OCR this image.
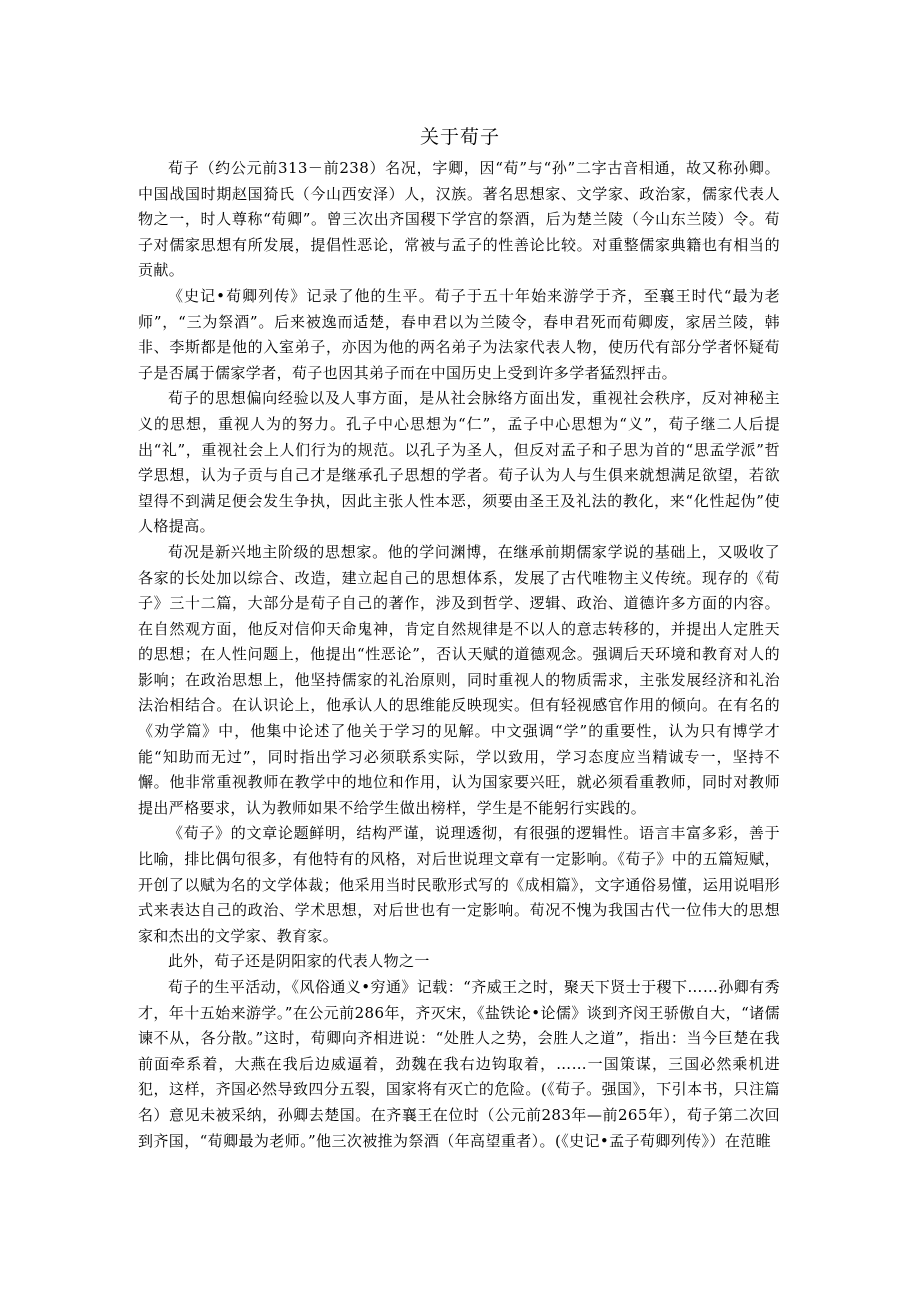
关于荀子

荀子（约公元前313－前238）名况，字卿，因“荀”与“孙”二字古音相通，故又称孙卿。中国战国时期赵国猗氏（今山西安泽）人，汉族。著名思想家、文学家、政治家，儒家代表人物之一，时人尊称“荀卿”。曾三次出齐国稷下学宫的祭酒，后为楚兰陵（今山东兰陵）令。荀子对儒家思想有所发展，提倡性恶论，常被与孟子的性善论比较。对重整儒家典籍也有相当的贡献。

《史记•荀卿列传》记录了他的生平。荀子于五十年始来游学于齐，至襄王时代“最为老师”，“三为祭酒”。后来被逸而适楚，春申君以为兰陵令，春申君死而荀卿废，家居兰陵，韩非、李斯都是他的入室弟子，亦因为他的两名弟子为法家代表人物，使历代有部分学者怀疑荀子是否属于儒家学者，荀子也因其弟子而在中国历史上受到许多学者猛烈抨击。

荀子的思想偏向经验以及人事方面，是从社会脉络方面出发，重视社会秩序，反对神秘主义的思想，重视人为的努力。孔子中心思想为“仁”，孟子中心思想为“义”，荀子继二人后提出“礼”，重视社会上人们行为的规范。以孔子为圣人，但反对孟子和子思为首的“思孟学派”哲学思想，认为子贡与自己才是继承孔子思想的学者。荀子认为人与生俱来就想满足欲望，若欲望得不到满足便会发生争执，因此主张人性本恶，须要由圣王及礼法的教化，来“化性起伪”使人格提高。

荀况是新兴地主阶级的思想家。他的学问渊博，在继承前期儒家学说的基础上，又吸收了各家的长处加以综合、改造，建立起自己的思想体系，发展了古代唯物主义传统。现存的《荀子》三十二篇，大部分是荀子自己的著作，涉及到哲学、逻辑、政治、道德许多方面的内容。在自然观方面，他反对信仰天命鬼神，肯定自然规律是不以人的意志转移的，并提出人定胜天的思想；在人性问题上，他提出“性恶论”，否认天赋的道德观念。强调后天环境和教育对人的影响；在政治思想上，他坚持儒家的礼治原则，同时重视人的物质需求，主张发展经济和礼治法治相结合。在认识论上，他承认人的思维能反映现实。但有轻视感官作用的倾向。在有名的《劝学篇》中，他集中论述了他关于学习的见解。中文强调“学”的重要性，认为只有博学才能“知助而无过”，同时指出学习必须联系实际，学以致用，学习态度应当精诚专一，坚持不懈。他非常重视教师在教学中的地位和作用，认为国家要兴旺，就必须看重教师，同时对教师提出严格要求，认为教师如果不给学生做出榜样，学生是不能躬行实践的。

《荀子》的文章论题鲜明，结构严谨，说理透彻，有很强的逻辑性。语言丰富多彩，善于比喻，排比偶句很多，有他特有的风格，对后世说理文章有一定影响。《荀子》中的五篇短赋，开创了以赋为名的文学体裁；他采用当时民歌形式写的《成相篇》，文字通俗易懂，运用说唱形式来表达自己的政治、学术思想，对后世也有一定影响。荀况不愧为我国古代一位伟大的思想家和杰出的文学家、教育家。

此外，荀子还是阴阳家的代表人物之一

荀子的生平活动，《风俗通义•穷通》记载：“齐威王之时，聚天下贤士于稷下……孙卿有秀才，年十五始来游学。”在公元前286年，齐灭宋，《盐铁论•论儒》谈到齐闵王骄傲自大，“诸儒谏不从，各分散。”这时，荀卿向齐相进说：“处胜人之势，会胜人之道”，指出：当今巨楚在我前面牵系着，大燕在我后边威逼着，劲魏在我右边钩取着，……一国策谋，三国必然乘机进犯，这样，齐国必然导致四分五裂，国家将有灭亡的危险。(《荀子。强国》，下引本书，只注篇名）意见未被采纳，孙卿去楚国。在齐襄王在位时（公元前283年—前265年），荀子第二次回到齐国，“荀卿最为老师。”他三次被推为祭酒（年高望重者）。(《史记•孟子荀卿列传》）在范睢
